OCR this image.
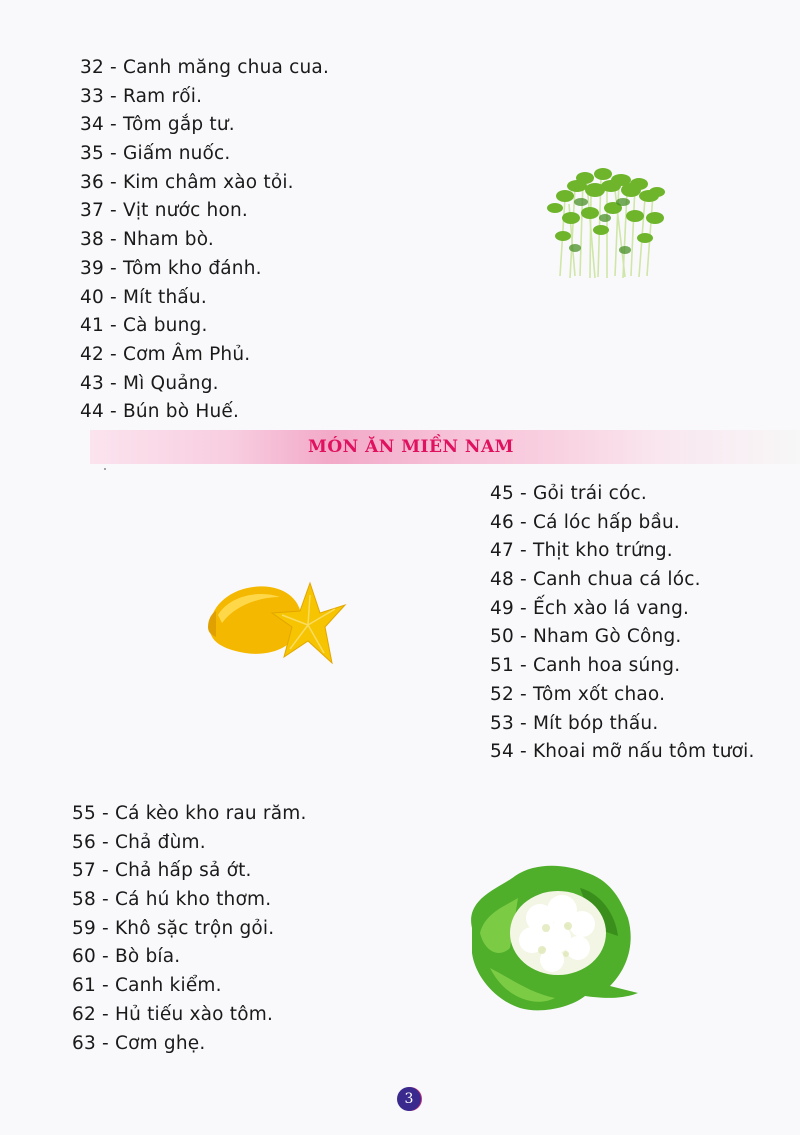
32 - Canh măng chua cua.
33 - Ram rối.
34 - Tôm gắp tư.
35 - Giấm nuốc.
36 - Kim châm xào tỏi.
37 - Vịt nước hon.
38 - Nham bò.
39 - Tôm kho đánh.
40 - Mít thấu.
41 - Cà bung.
42 - Cơm Âm Phủ.
43 - Mì Quảng.
44 - Bún bò Huế.
MÓN ĂN MIỀN NAM
45 - Gỏi trái cóc.
46 - Cá lóc hấp bầu.
47 - Thịt kho trứng.
48 - Canh chua cá lóc.
49 - Ếch xào lá vang.
50 - Nham Gò Công.
51 - Canh hoa súng.
52 - Tôm xốt chao.
53 - Mít bóp thấu.
54 - Khoai mỡ nấu tôm tươi.
55 - Cá kèo kho rau răm.
56 - Chả đùm.
57 - Chả hấp sả ớt.
58 - Cá hú kho thơm.
59 - Khô sặc trộn gỏi.
60 - Bò bía.
61 - Canh kiểm.
62 - Hủ tiếu xào tôm.
63 - Cơm ghẹ.
3
